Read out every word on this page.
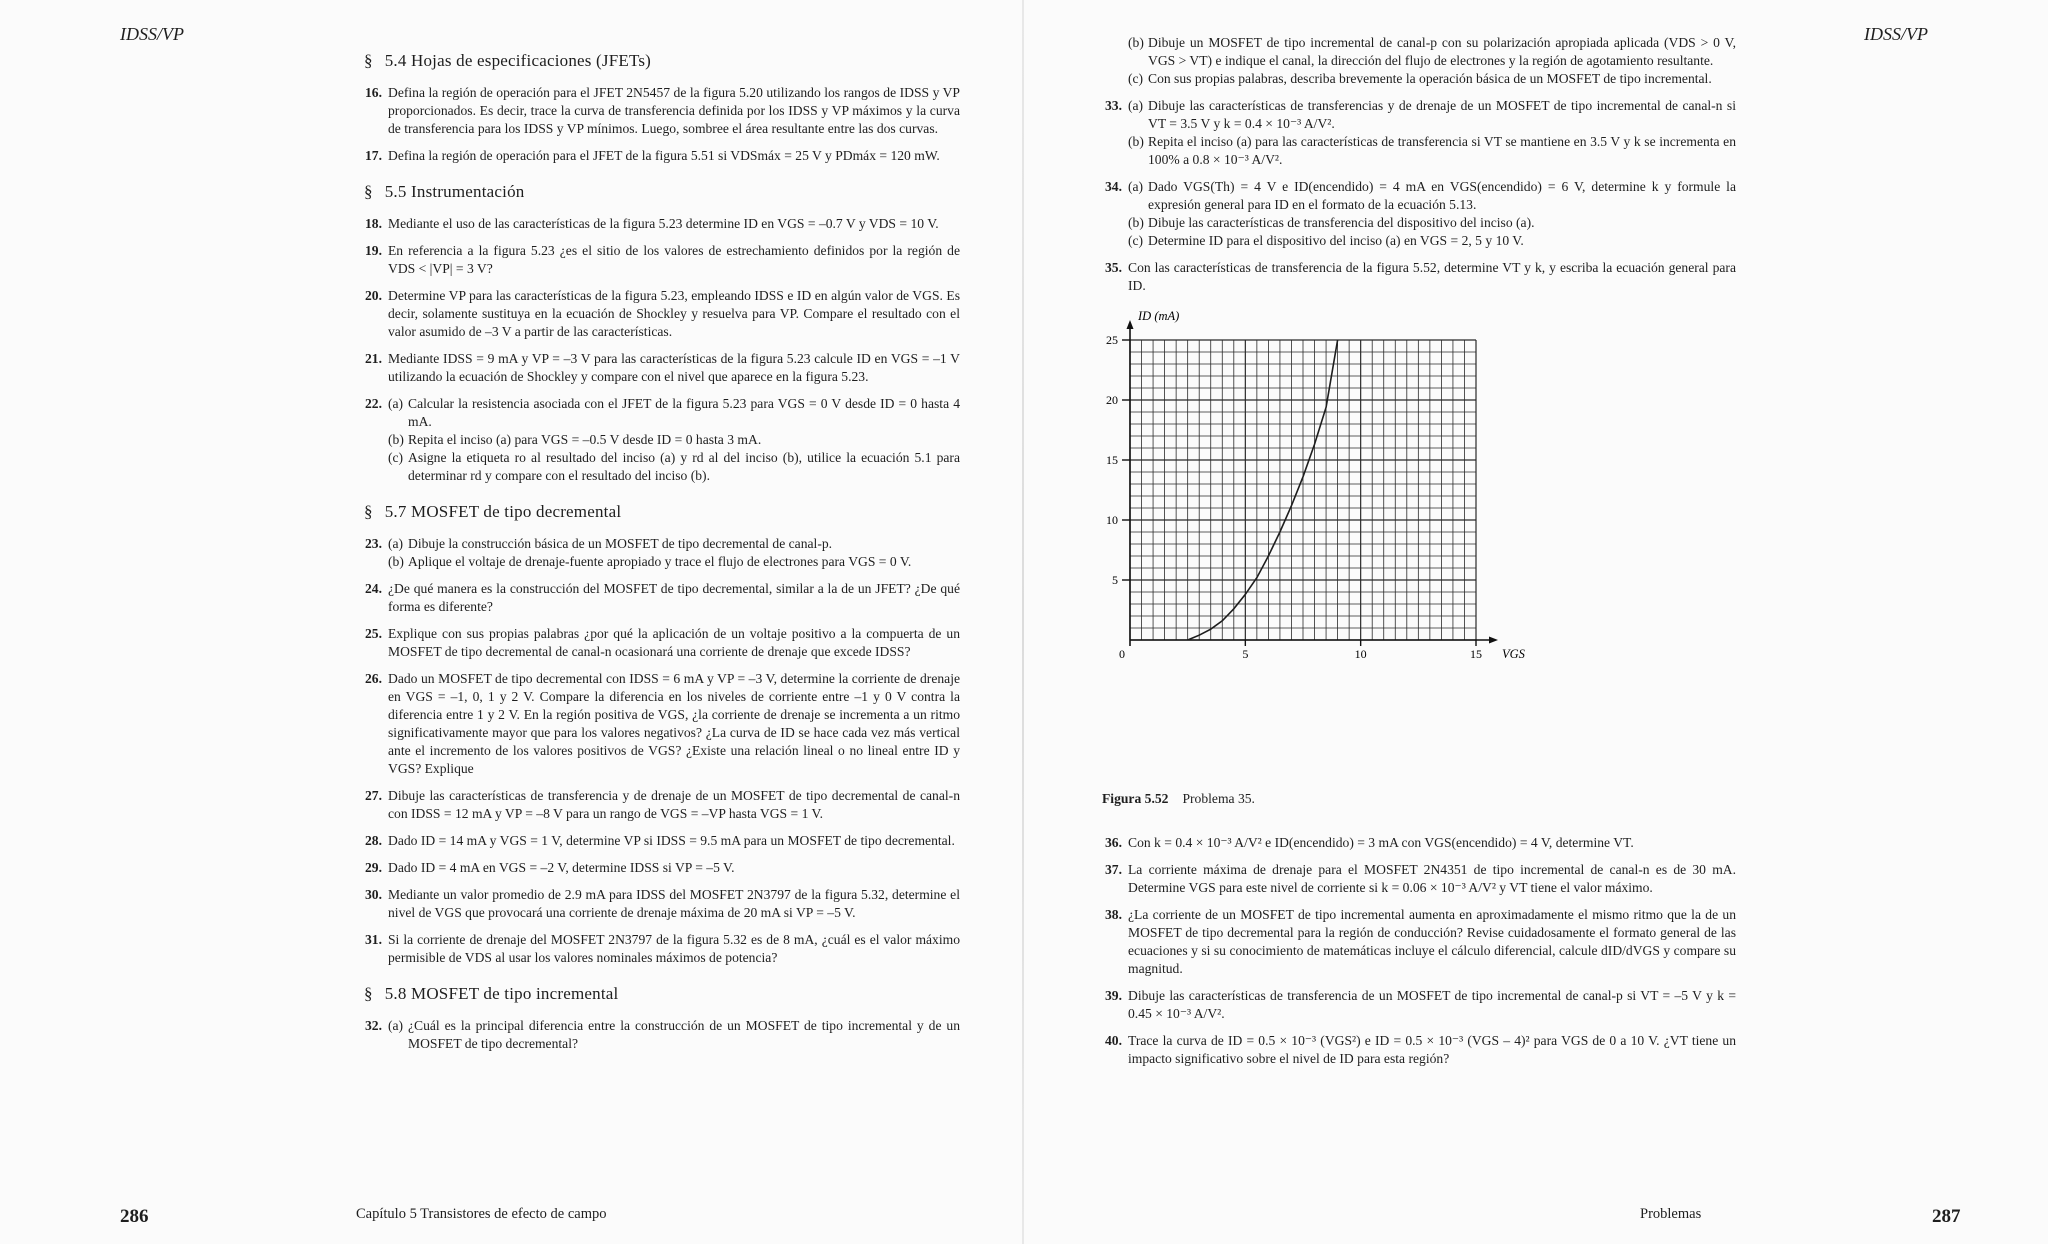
IDSS/VP
§ 5.4 Hojas de especificaciones (JFETs)
16. Defina la región de operación para el JFET 2N5457 de la figura 5.20 utilizando los rangos de IDSS y VP proporcionados. Es decir, trace la curva de transferencia definida por los IDSS y VP máximos y la curva de transferencia para los IDSS y VP mínimos. Luego, sombree el área resultante entre las dos curvas.
17. Defina la región de operación para el JFET de la figura 5.51 si VDSmáx = 25 V y PDmáx = 120 mW.
§ 5.5 Instrumentación
18. Mediante el uso de las características de la figura 5.23 determine ID en VGS = –0.7 V y VDS = 10 V.
19. En referencia a la figura 5.23 ¿es el sitio de los valores de estrechamiento definidos por la región de VDS < |VP| = 3 V?
20. Determine VP para las características de la figura 5.23, empleando IDSS e ID en algún valor de VGS. Es decir, solamente sustituya en la ecuación de Shockley y resuelva para VP. Compare el resultado con el valor asumido de –3 V a partir de las características.
21. Mediante IDSS = 9 mA y VP = –3 V para las características de la figura 5.23 calcule ID en VGS = –1 V utilizando la ecuación de Shockley y compare con el nivel que aparece en la figura 5.23.
22. (a) Calcular la resistencia asociada con el JFET de la figura 5.23 para VGS = 0 V desde ID = 0 hasta 4 mA.
(b) Repita el inciso (a) para VGS = –0.5 V desde ID = 0 hasta 3 mA.
(c) Asigne la etiqueta ro al resultado del inciso (a) y rd al del inciso (b), utilice la ecuación 5.1 para determinar rd y compare con el resultado del inciso (b).
§ 5.7 MOSFET de tipo decremental
23. (a) Dibuje la construcción básica de un MOSFET de tipo decremental de canal-p.
(b) Aplique el voltaje de drenaje-fuente apropiado y trace el flujo de electrones para VGS = 0 V.
24. ¿De qué manera es la construcción del MOSFET de tipo decremental, similar a la de un JFET? ¿De qué forma es diferente?
25. Explique con sus propias palabras ¿por qué la aplicación de un voltaje positivo a la compuerta de un MOSFET de tipo decremental de canal-n ocasionará una corriente de drenaje que excede IDSS?
26. Dado un MOSFET de tipo decremental con IDSS = 6 mA y VP = –3 V, determine la corriente de drenaje en VGS = –1, 0, 1 y 2 V. Compare la diferencia en los niveles de corriente entre –1 y 0 V contra la diferencia entre 1 y 2 V. En la región positiva de VGS, ¿la corriente de drenaje se incrementa a un ritmo significativamente mayor que para los valores negativos? ¿La curva de ID se hace cada vez más vertical ante el incremento de los valores positivos de VGS? ¿Existe una relación lineal o no lineal entre ID y VGS? Explique
27. Dibuje las características de transferencia y de drenaje de un MOSFET de tipo decremental de canal-n con IDSS = 12 mA y VP = –8 V para un rango de VGS = –VP hasta VGS = 1 V.
28. Dado ID = 14 mA y VGS = 1 V, determine VP si IDSS = 9.5 mA para un MOSFET de tipo decremental.
29. Dado ID = 4 mA en VGS = –2 V, determine IDSS si VP = –5 V.
30. Mediante un valor promedio de 2.9 mA para IDSS del MOSFET 2N3797 de la figura 5.32, determine el nivel de VGS que provocará una corriente de drenaje máxima de 20 mA si VP = –5 V.
31. Si la corriente de drenaje del MOSFET 2N3797 de la figura 5.32 es de 8 mA, ¿cuál es el valor máximo permisible de VDS al usar los valores nominales máximos de potencia?
§ 5.8 MOSFET de tipo incremental
32. (a) ¿Cuál es la principal diferencia entre la construcción de un MOSFET de tipo incremental y de un MOSFET de tipo decremental?
286	Capítulo 5 Transistores de efecto de campo
IDSS/VP
(b) Dibuje un MOSFET de tipo incremental de canal-p con su polarización apropiada aplicada (VDS > 0 V, VGS > VT) e indique el canal, la dirección del flujo de electrones y la región de agotamiento resultante.
(c) Con sus propias palabras, describa brevemente la operación básica de un MOSFET de tipo incremental.
33. (a) Dibuje las características de transferencias y de drenaje de un MOSFET de tipo incremental de canal-n si VT = 3.5 V y k = 0.4 × 10⁻³ A/V².
(b) Repita el inciso (a) para las características de transferencia si VT se mantiene en 3.5 V y k se incrementa en 100% a 0.8 × 10⁻³ A/V².
34. (a) Dado VGS(Th) = 4 V e ID(encendido) = 4 mA en VGS(encendido) = 6 V, determine k y formule la expresión general para ID en el formato de la ecuación 5.13.
(b) Dibuje las características de transferencia del dispositivo del inciso (a).
(c) Determine ID para el dispositivo del inciso (a) en VGS = 2, 5 y 10 V.
35. Con las características de transferencia de la figura 5.52, determine VT y k, y escriba la ecuación general para ID.
5
10
15
20
25
0	5	10	15
ID (mA)
VGS
Figura 5.52 Problema 35.
36. Con k = 0.4 × 10⁻³ A/V² e ID(encendido) = 3 mA con VGS(encendido) = 4 V, determine VT.
37. La corriente máxima de drenaje para el MOSFET 2N4351 de tipo incremental de canal-n es de 30 mA. Determine VGS para este nivel de corriente si k = 0.06 × 10⁻³ A/V² y VT tiene el valor máximo.
38. ¿La corriente de un MOSFET de tipo incremental aumenta en aproximadamente el mismo ritmo que la de un MOSFET de tipo decremental para la región de conducción? Revise cuidadosamente el formato general de las ecuaciones y si su conocimiento de matemáticas incluye el cálculo diferencial, calcule dID/dVGS y compare su magnitud.
39. Dibuje las características de transferencia de un MOSFET de tipo incremental de canal-p si VT = –5 V y k = 0.45 × 10⁻³ A/V².
40. Trace la curva de ID = 0.5 × 10⁻³ (VGS²) e ID = 0.5 × 10⁻³ (VGS – 4)² para VGS de 0 a 10 V. ¿VT tiene un impacto significativo sobre el nivel de ID para esta región?
Problemas	287
